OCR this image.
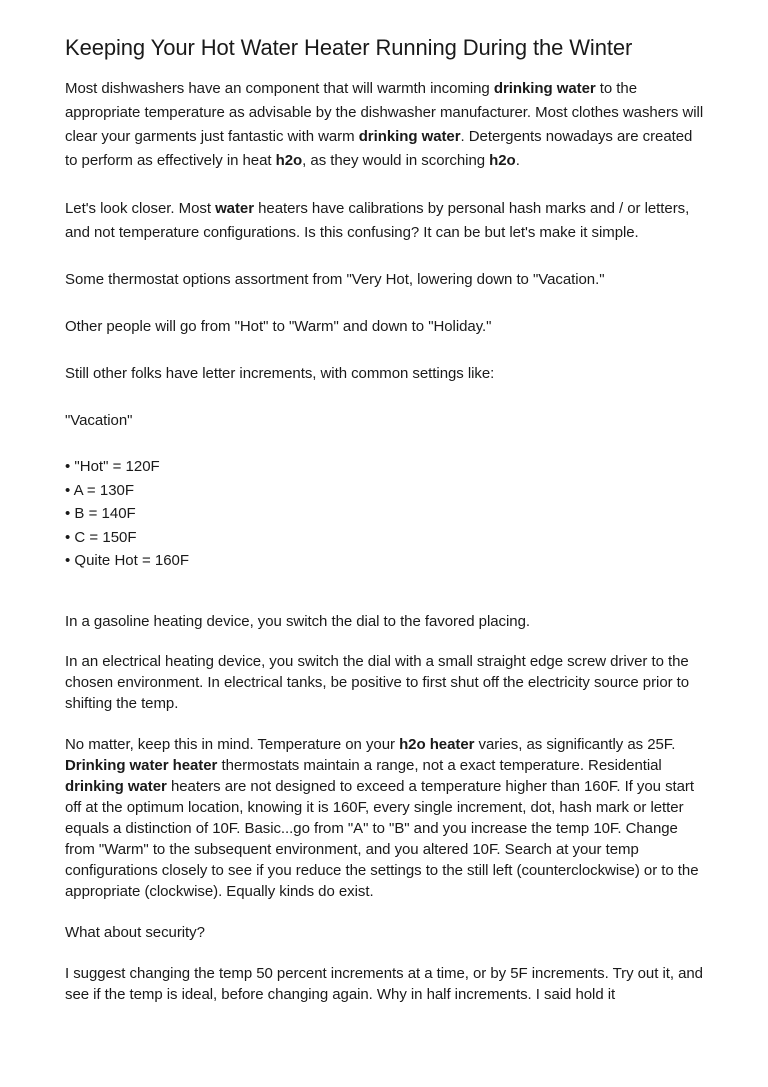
Keeping Your Hot Water Heater Running During the Winter

Most dishwashers have an component that will warmth incoming drinking water to the appropriate temperature as advisable by the dishwasher manufacturer. Most clothes washers will clear your garments just fantastic with warm drinking water. Detergents nowadays are created to perform as effectively in heat h2o, as they would in scorching h2o.

Let's look closer. Most water heaters have calibrations by personal hash marks and / or letters, and not temperature configurations. Is this confusing? It can be but let's make it simple.

Some thermostat options assortment from "Very Hot, lowering down to "Vacation."

Other people will go from "Hot" to "Warm" and down to "Holiday."

Still other folks have letter increments, with common settings like:

"Vacation"

• "Hot" = 120F
• A = 130F
• B = 140F
• C = 150F
• Quite Hot = 160F

In a gasoline heating device, you switch the dial to the favored placing.

In an electrical heating device, you switch the dial with a small straight edge screw driver to the chosen environment. In electrical tanks, be positive to first shut off the electricity source prior to shifting the temp.

No matter, keep this in mind. Temperature on your h2o heater varies, as significantly as 25F. Drinking water heater thermostats maintain a range, not a exact temperature. Residential drinking water heaters are not designed to exceed a temperature higher than 160F. If you start off at the optimum location, knowing it is 160F, every single increment, dot, hash mark or letter equals a distinction of 10F. Basic...go from "A" to "B" and you increase the temp 10F. Change from "Warm" to the subsequent environment, and you altered 10F. Search at your temp configurations closely to see if you reduce the settings to the still left (counterclockwise) or to the appropriate (clockwise). Equally kinds do exist.

What about security?

I suggest changing the temp 50 percent increments at a time, or by 5F increments. Try out it, and see if the temp is ideal, before changing again. Why in half increments. I said hold it
